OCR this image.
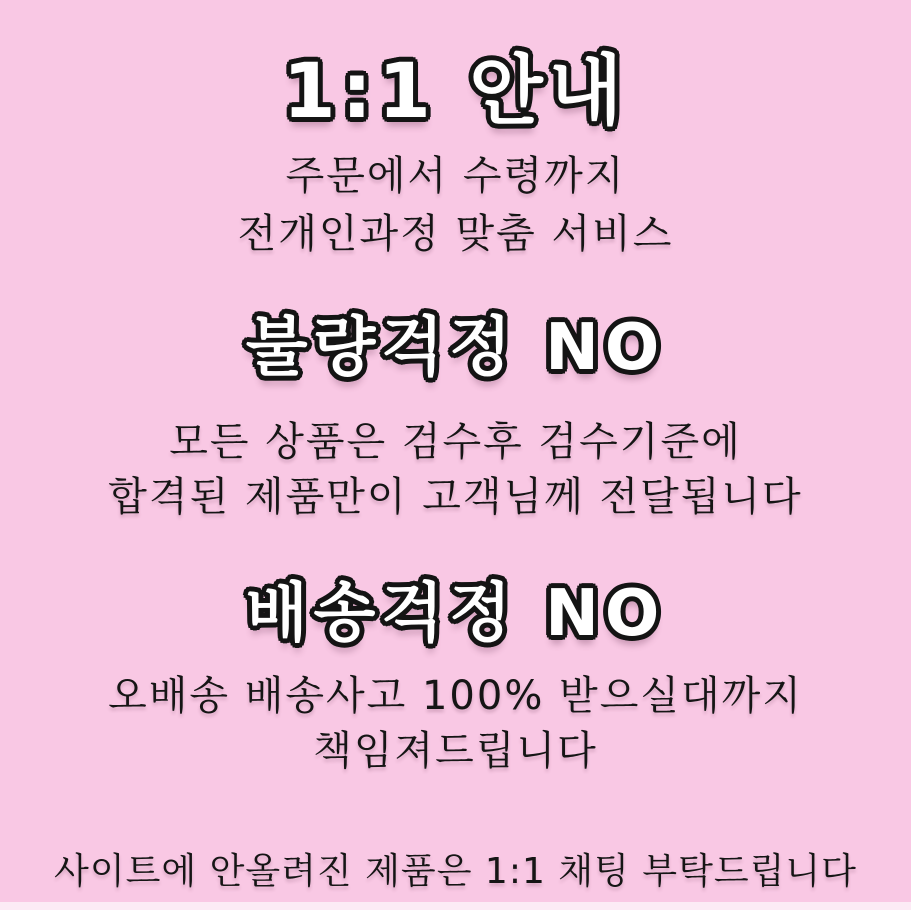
1:1 안내

주문에서 수령까지

전개인과정 맞춤 서비스

불량걱정 NO

모든 상품은 검수후 검수기준에

합격된 제품만이 고객님께 전달됩니다

배송걱정 NO

오배송 배송사고 100% 받으실대까지

책임져드립니다

사이트에 안올려진 제품은 1:1 채팅 부탁드립니다
